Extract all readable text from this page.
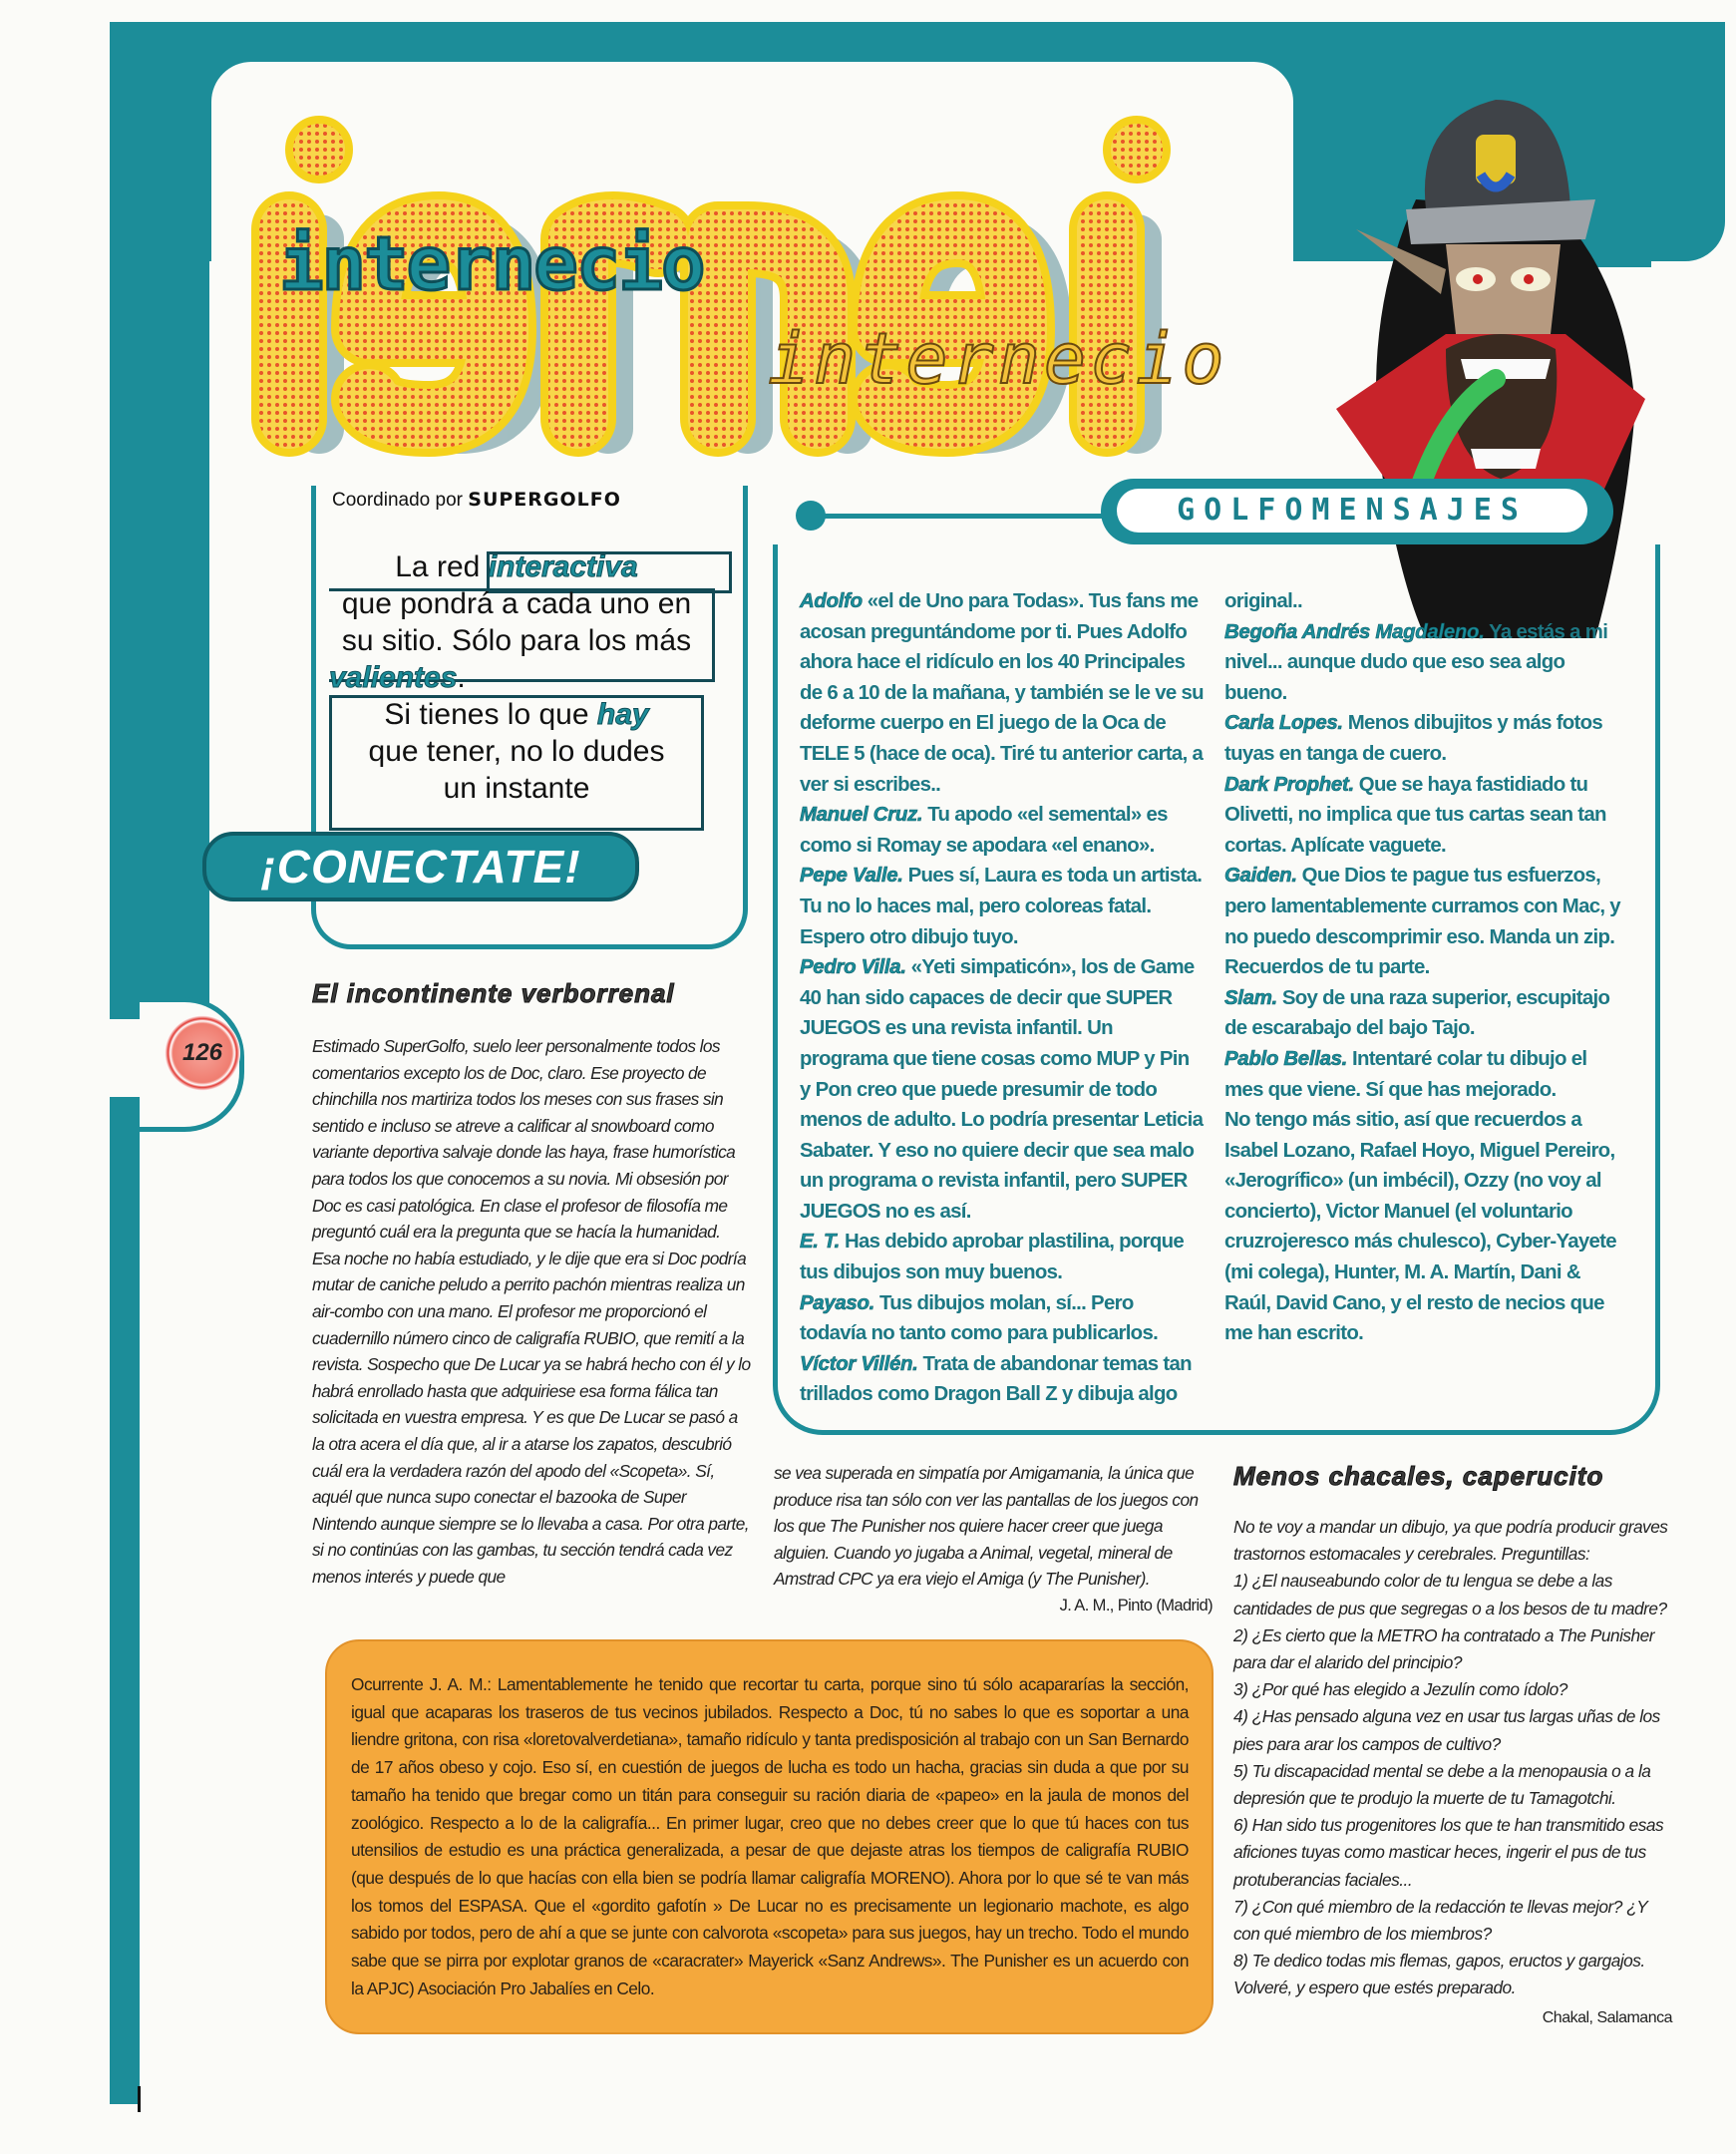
internecio
internecio
Coordinado por SUPERGOLFO
La red interactiva
que pondrá a cada uno en
su sitio. Sólo para los más
valientes.
Si tienes lo que hay
que tener, no lo dudes
un instante
¡CONECTATE!
126
El incontinente verborrenal
Estimado SuperGolfo, suelo leer personalmente todos los comentarios excepto los de Doc, claro. Ese proyecto de chinchilla nos martiriza todos los meses con sus frases sin sentido e incluso se atreve a calificar al snowboard como variante deportiva salvaje donde las haya, frase humorística para todos los que conocemos a su novia. Mi obsesión por Doc es casi patológica. En clase el profesor de filosofía me preguntó cuál era la pregunta que se hacía la humanidad. Esa noche no había estudiado, y le dije que era si Doc podría mutar de caniche peludo a perrito pachón mientras realiza un air-combo con una mano. El profesor me proporcionó el cuadernillo número cinco de caligrafía RUBIO, que remití a la revista. Sospecho que De Lucar ya se habrá hecho con él y lo habrá enrollado hasta que adquiriese esa forma fálica tan solicitada en vuestra empresa. Y es que De Lucar se pasó a la otra acera el día que, al ir a atarse los zapatos, descubrió cuál era la verdadera razón del apodo del «Scopeta». Sí, aquél que nunca supo conectar el bazooka de Super Nintendo aunque siempre se lo llevaba a casa. Por otra parte, si no continúas con las gambas, tu sección tendrá cada vez menos interés y puede que

se vea superada en simpatía por Amigamania, la única que produce risa tan sólo con ver las pantallas de los juegos con los que The Punisher nos quiere hacer creer que juega alguien. Cuando yo jugaba a Animal, vegetal, mineral de Amstrad CPC ya era viejo el Amiga (y The Punisher).

J. A. M., Pinto (Madrid)

GOLFOMENSAJES

Adolfo «el de Uno para Todas». Tus fans me acosan preguntándome por ti. Pues Adolfo ahora hace el ridículo en los 40 Principales de 6 a 10 de la mañana, y también se le ve su deforme cuerpo en El juego de la Oca de TELE 5 (hace de oca). Tiré tu anterior carta, a ver si escribes..

Manuel Cruz. Tu apodo «el semental» es como si Romay se apodara «el enano».

Pepe Valle. Pues sí, Laura es toda un artista. Tu no lo haces mal, pero coloreas fatal. Espero otro dibujo tuyo.

Pedro Villa. «Yeti simpaticón», los de Game 40 han sido capaces de decir que SUPER JUEGOS es una revista infantil. Un programa que tiene cosas como MUP y Pin y Pon creo que puede presumir de todo menos de adulto. Lo podría presentar Leticia Sabater. Y eso no quiere decir que sea malo un programa o revista infantil, pero SUPER JUEGOS no es así.

E. T. Has debido aprobar plastilina, porque tus dibujos son muy buenos.

Payaso. Tus dibujos molan, sí... Pero todavía no tanto como para publicarlos.

Víctor Villén. Trata de abandonar temas tan trillados como Dragon Ball Z y dibuja algo original..

Begoña Andrés Magdaleno. Ya estás a mi nivel... aunque dudo que eso sea algo bueno.

Carla Lopes. Menos dibujitos y más fotos tuyas en tanga de cuero.

Dark Prophet. Que se haya fastidiado tu Olivetti, no implica que tus cartas sean tan cortas. Aplícate vaguete.

Gaiden. Que Dios te pague tus esfuerzos, pero lamentablemente curramos con Mac, y no puedo descomprimir eso. Manda un zip. Recuerdos de tu parte.

Slam. Soy de una raza superior, escupitajo de escarabajo del bajo Tajo.

Pablo Bellas. Intentaré colar tu dibujo el mes que viene. Sí que has mejorado.

No tengo más sitio, así que recuerdos a Isabel Lozano, Rafael Hoyo, Miguel Pereiro, «Jerogrífico» (un imbécil), Ozzy (no voy al concierto), Victor Manuel (el voluntario cruzrojeresco más chulesco), Cyber-Yayete (mi colega), Hunter, M. A. Martín, Dani & Raúl, David Cano, y el resto de necios que me han escrito.

Menos chacales, caperucito

No te voy a mandar un dibujo, ya que podría producir graves trastornos estomacales y cerebrales. Preguntillas:

1) ¿El nauseabundo color de tu lengua se debe a las cantidades de pus que segregas o a los besos de tu madre?

2) ¿Es cierto que la METRO ha contratado a The Punisher para dar el alarido del principio?

3) ¿Por qué has elegido a Jezulín como ídolo?

4) ¿Has pensado alguna vez en usar tus largas uñas de los pies para arar los campos de cultivo?

5) Tu discapacidad mental se debe a la menopausia o a la depresión que te produjo la muerte de tu Tamagotchi.

6) Han sido tus progenitores los que te han transmitido esas aficiones tuyas como masticar heces, ingerir el pus de tus protuberancias faciales...

7) ¿Con qué miembro de la redacción te llevas mejor? ¿Y con qué miembro de los miembros?

8) Te dedico todas mis flemas, gapos, eructos y gargajos. Volveré, y espero que estés preparado.

Chakal, Salamanca

Ocurrente J. A. M.: Lamentablemente he tenido que recortar tu carta, porque sino tú sólo acapararías la sección, igual que acaparas los traseros de tus vecinos jubilados. Respecto a Doc, tú no sabes lo que es soportar a una liendre gritona, con risa «loretovalverdetiana», tamaño ridículo y tanta predisposición al trabajo con un San Bernardo de 17 años obeso y cojo. Eso sí, en cuestión de juegos de lucha es todo un hacha, gracias sin duda a que por su tamaño ha tenido que bregar como un titán para conseguir su ración diaria de «papeo» en la jaula de monos del zoológico. Respecto a lo de la caligrafía... En primer lugar, creo que no debes creer que lo que tú haces con tus utensilios de estudio es una práctica generalizada, a pesar de que dejaste atras los tiempos de caligrafía RUBIO (que después de lo que hacías con ella bien se podría llamar caligrafía MORENO). Ahora por lo que sé te van más los tomos del ESPASA. Que el «gordito gafotín » De Lucar no es precisamente un legionario machote, es algo sabido por todos, pero de ahí a que se junte con calvorota «scopeta» para sus juegos, hay un trecho. Todo el mundo sabe que se pirra por explotar granos de «caracrater» Mayerick «Sanz Andrews». The Punisher es un acuerdo con la APJC) Asociación Pro Jabalíes en Celo.
